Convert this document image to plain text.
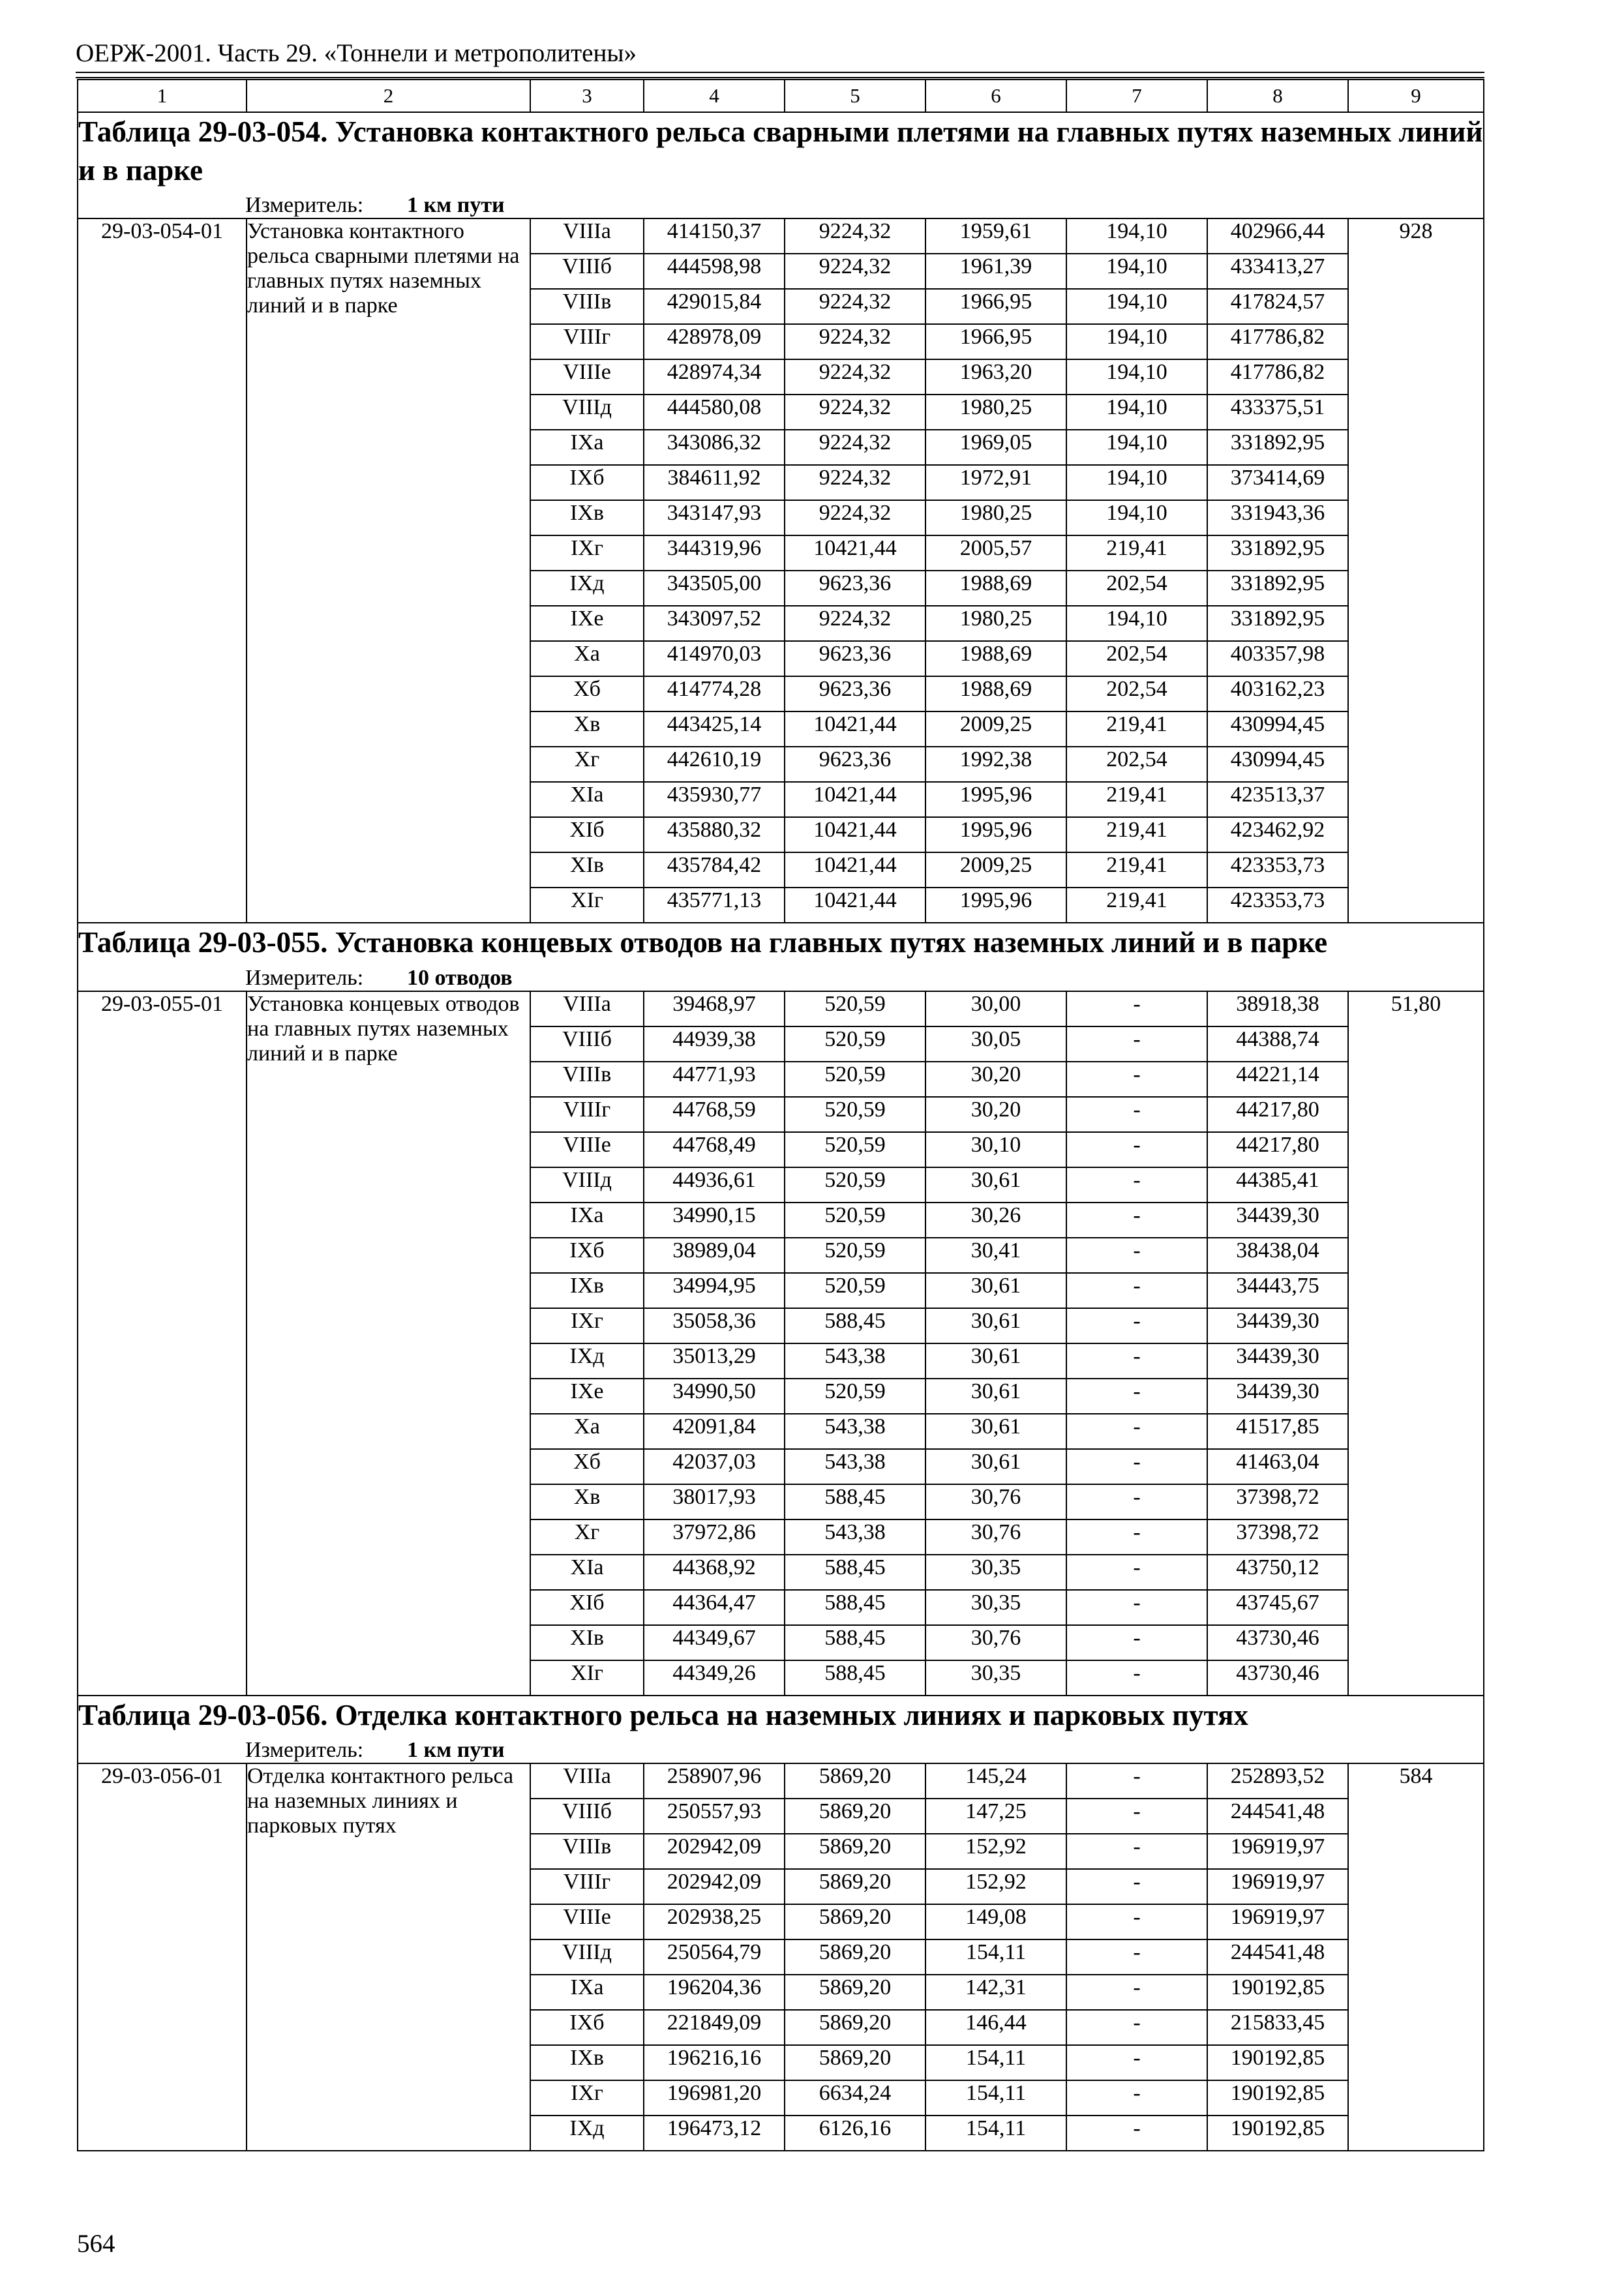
ОЕРЖ-2001. Часть 29. «Тоннели и метрополитены»
1	2	3	4	5	6	7	8	9

Таблица 29-03-054. Установка контактного рельса сварными плетями на главных путях наземных линий и в парке
Измеритель: 1 км пути								

29-03-054-01	Установка контактного рельса сварными плетями на главных путях наземных линий и в парке	VIIIа	414150,37	9224,32	1959,61	194,10	402966,44	928
		VIIIб	444598,98	9224,32	1961,39	194,10	433413,27	
		VIIIв	429015,84	9224,32	1966,95	194,10	417824,57	
		VIIIг	428978,09	9224,32	1966,95	194,10	417786,82	
		VIIIе	428974,34	9224,32	1963,20	194,10	417786,82	
		VIIIд	444580,08	9224,32	1980,25	194,10	433375,51	
		IXа	343086,32	9224,32	1969,05	194,10	331892,95	
		IXб	384611,92	9224,32	1972,91	194,10	373414,69	
		IXв	343147,93	9224,32	1980,25	194,10	331943,36	
		IXг	344319,96	10421,44	2005,57	219,41	331892,95	
		IXд	343505,00	9623,36	1988,69	202,54	331892,95	
		IXе	343097,52	9224,32	1980,25	194,10	331892,95	
		Xа	414970,03	9623,36	1988,69	202,54	403357,98	
		Xб	414774,28	9623,36	1988,69	202,54	403162,23	
		Xв	443425,14	10421,44	2009,25	219,41	430994,45	
		Xг	442610,19	9623,36	1992,38	202,54	430994,45	
		XIа	435930,77	10421,44	1995,96	219,41	423513,37	
		XIб	435880,32	10421,44	1995,96	219,41	423462,92	
		XIв	435784,42	10421,44	2009,25	219,41	423353,73	
		XIг	435771,13	10421,44	1995,96	219,41	423353,73	

Таблица 29-03-055. Установка концевых отводов на главных путях наземных линий и в парке
Измеритель: 10 отводов								

29-03-055-01	Установка концевых отводов на главных путях наземных линий и в парке	VIIIа	39468,97	520,59	30,00	-	38918,38	51,80
		VIIIб	44939,38	520,59	30,05	-	44388,74	
		VIIIв	44771,93	520,59	30,20	-	44221,14	
		VIIIг	44768,59	520,59	30,20	-	44217,80	
		VIIIе	44768,49	520,59	30,10	-	44217,80	
		VIIIд	44936,61	520,59	30,61	-	44385,41	
		IXа	34990,15	520,59	30,26	-	34439,30	
		IXб	38989,04	520,59	30,41	-	38438,04	
		IXв	34994,95	520,59	30,61	-	34443,75	
		IXг	35058,36	588,45	30,61	-	34439,30	
		IXд	35013,29	543,38	30,61	-	34439,30	
		IXе	34990,50	520,59	30,61	-	34439,30	
		Xа	42091,84	543,38	30,61	-	41517,85	
		Xб	42037,03	543,38	30,61	-	41463,04	
		Xв	38017,93	588,45	30,76	-	37398,72	
		Xг	37972,86	543,38	30,76	-	37398,72	
		XIа	44368,92	588,45	30,35	-	43750,12	
		XIб	44364,47	588,45	30,35	-	43745,67	
		XIв	44349,67	588,45	30,76	-	43730,46	
		XIг	44349,26	588,45	30,35	-	43730,46	

Таблица 29-03-056. Отделка контактного рельса на наземных линиях и парковых путях
Измеритель: 1 км пути								

29-03-056-01	Отделка контактного рельса на наземных линиях и парковых путях	VIIIа	258907,96	5869,20	145,24	-	252893,52	584
		VIIIб	250557,93	5869,20	147,25	-	244541,48	
		VIIIв	202942,09	5869,20	152,92	-	196919,97	
		VIIIг	202942,09	5869,20	152,92	-	196919,97	
		VIIIе	202938,25	5869,20	149,08	-	196919,97	
		VIIIд	250564,79	5869,20	154,11	-	244541,48	
		IXа	196204,36	5869,20	142,31	-	190192,85	
		IXб	221849,09	5869,20	146,44	-	215833,45	
		IXв	196216,16	5869,20	154,11	-	190192,85	
		IXг	196981,20	6634,24	154,11	-	190192,85	
		IXд	196473,12	6126,16	154,11	-	190192,85	
564
